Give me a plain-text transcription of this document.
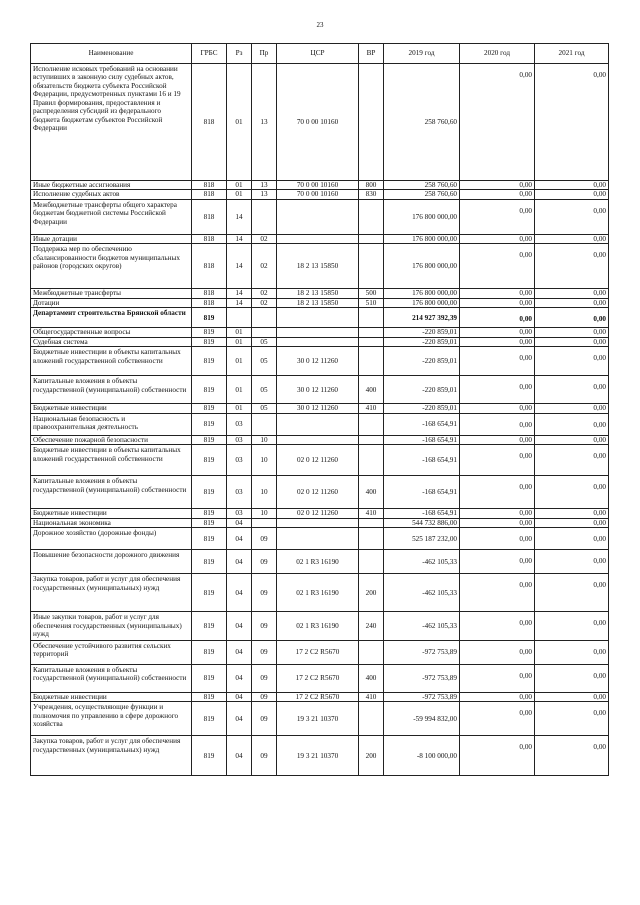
23
Наименование	ГРБС	Рз	Пр	ЦСР	ВР	2019 год	2020 год	2021 год
Исполнение исковых требований на основании вступивших в законную силу судебных актов, обязательств бюджета субъекта Российской Федерации, предусмотренных пунктами 16 и 19 Правил формирования, предоставления и распределения субсидий из федерального бюджета бюджетам субъектов Российской Федерации	818	01	13	70 0 00 10160		258 760,60	0,00	0,00
Иные бюджетные ассигнования	818	01	13	70 0 00 10160	800	258 760,60	0,00	0,00
Исполнение судебных актов	818	01	13	70 0 00 10160	830	258 760,60	0,00	0,00
Межбюджетные трансферты общего характера бюджетам бюджетной системы Российской Федерации	818	14				176 800 000,00	0,00	0,00
Иные дотации	818	14	02			176 800 000,00	0,00	0,00
Поддержка мер по обеспечению сбалансированности бюджетов муниципальных районов (городских округов)	818	14	02	18 2 13 15850		176 800 000,00	0,00	0,00
Межбюджетные трансферты	818	14	02	18 2 13 15850	500	176 800 000,00	0,00	0,00
Дотации	818	14	02	18 2 13 15850	510	176 800 000,00	0,00	0,00
Департамент строительства Брянской области	819					214 927 392,39	0,00	0,00
Общегосударственные вопросы	819	01				-220 859,01	0,00	0,00
Судебная система	819	01	05			-220 859,01	0,00	0,00
Бюджетные инвестиции в объекты капитальных вложений государственной собственности	819	01	05	30 0 12 11260		-220 859,01	0,00	0,00
Капитальные вложения в объекты государственной (муниципальной) собственности	819	01	05	30 0 12 11260	400	-220 859,01	0,00	0,00
Бюджетные инвестиции	819	01	05	30 0 12 11260	410	-220 859,01	0,00	0,00
Национальная безопасность и правоохранительная деятельность	819	03				-168 654,91	0,00	0,00
Обеспечение пожарной безопасности	819	03	10			-168 654,91	0,00	0,00
Бюджетные инвестиции в объекты капитальных вложений государственной собственности	819	03	10	02 0 12 11260		-168 654,91	0,00	0,00
Капитальные вложения в объекты государственной (муниципальной) собственности	819	03	10	02 0 12 11260	400	-168 654,91	0,00	0,00
Бюджетные инвестиции	819	03	10	02 0 12 11260	410	-168 654,91	0,00	0,00
Национальная экономика	819	04				544 732 886,00	0,00	0,00
Дорожное хозяйство (дорожные фонды)	819	04	09			525 187 232,00	0,00	0,00
Повышение безопасности дорожного движения	819	04	09	02 1 R3 16190		-462 105,33	0,00	0,00
Закупка товаров, работ и услуг для обеспечения государственных (муниципальных) нужд	819	04	09	02 1 R3 16190	200	-462 105,33	0,00	0,00
Иные закупки товаров, работ и услуг для обеспечения государственных (муниципальных) нужд	819	04	09	02 1 R3 16190	240	-462 105,33	0,00	0,00
Обеспечение устойчивого развития сельских территорий	819	04	09	17 2 C2 R5670		-972 753,89	0,00	0,00
Капитальные вложения в объекты государственной (муниципальной) собственности	819	04	09	17 2 C2 R5670	400	-972 753,89	0,00	0,00
Бюджетные инвестиции	819	04	09	17 2 C2 R5670	410	-972 753,89	0,00	0,00
Учреждения, осуществляющие функции и полномочия по управлению в сфере дорожного хозяйства	819	04	09	19 3 21 10370		-59 994 832,00	0,00	0,00
Закупка товаров, работ и услуг для обеспечения государственных (муниципальных) нужд	819	04	09	19 3 21 10370	200	-8 100 000,00	0,00	0,00
